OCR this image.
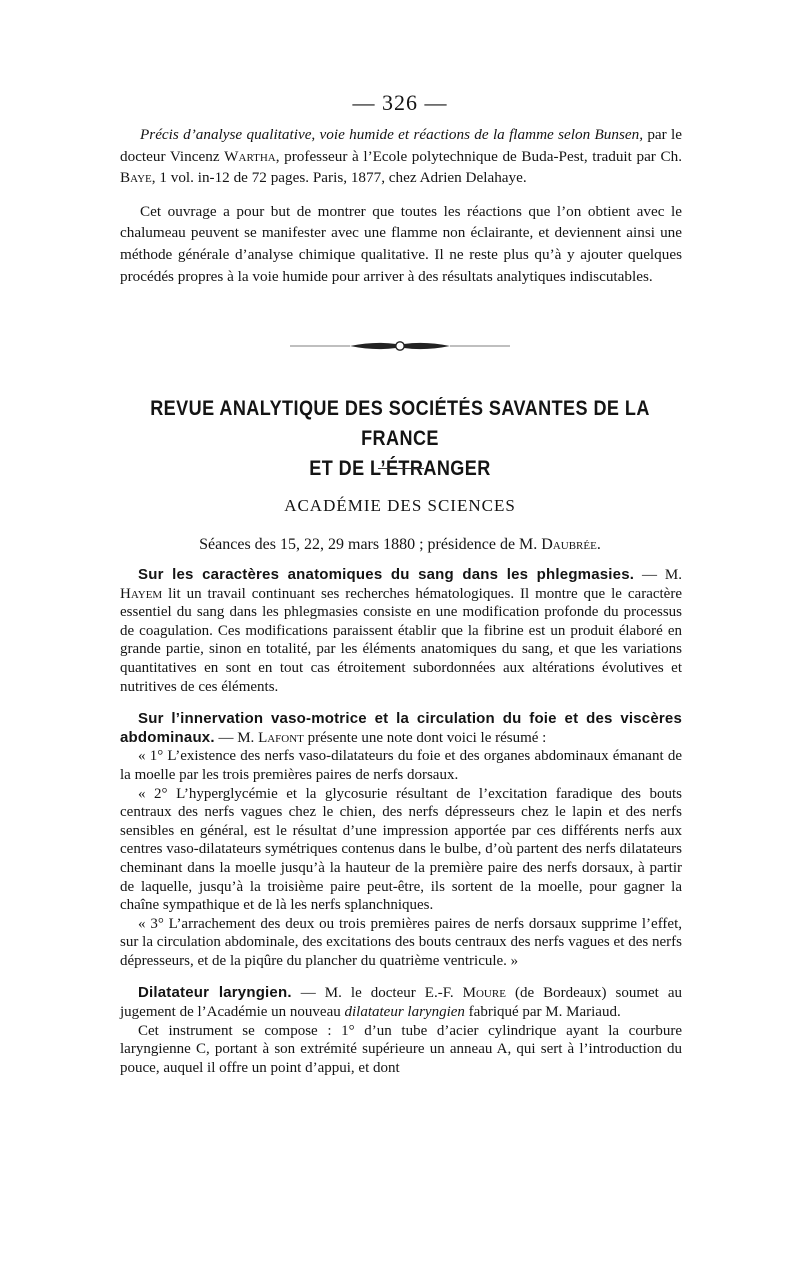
— 326 —

Précis d’analyse qualitative, voie humide et réactions de la flamme selon Bunsen, par le docteur Vincenz Wartha, professeur à l’Ecole polytechnique de Buda-Pest, traduit par Ch. Baye, 1 vol. in-12 de 72 pages. Paris, 1877, chez Adrien Delahaye.

Cet ouvrage a pour but de montrer que toutes les réactions que l’on obtient avec le chalumeau peuvent se manifester avec une flamme non éclairante, et deviennent ainsi une méthode générale d’analyse chimique qualitative. Il ne reste plus qu’à y ajouter quelques procédés propres à la voie humide pour arriver à des résultats analytiques indiscutables.

REVUE ANALYTIQUE DES SOCIÉTÉS SAVANTES DE LA FRANCE
ET DE L’ÉTRANGER
ACADÉMIE DES SCIENCES
Séances des 15, 22, 29 mars 1880 ; présidence de M. Daubrée.

Sur les caractères anatomiques du sang dans les phlegmasies. — M. Hayem lit un travail continuant ses recherches hématologiques. Il montre que le caractère essentiel du sang dans les phlegmasies consiste en une modification profonde du processus de coagulation. Ces modifications paraissent établir que la fibrine est un produit élaboré en grande partie, sinon en totalité, par les éléments anatomiques du sang, et que les variations quantitatives en sont en tout cas étroitement subordonnées aux altérations évolutives et nutritives de ces éléments.

Sur l’innervation vaso-motrice et la circulation du foie et des viscères abdominaux. — M. Lafont présente une note dont voici le résumé :

« 1° L’existence des nerfs vaso-dilatateurs du foie et des organes abdominaux émanant de la moelle par les trois premières paires de nerfs dorsaux.

« 2° L’hyperglycémie et la glycosurie résultant de l’excitation faradique des bouts centraux des nerfs vagues chez le chien, des nerfs dépresseurs chez le lapin et des nerfs sensibles en général, est le résultat d’une impression apportée par ces différents nerfs aux centres vaso-dilatateurs symétriques contenus dans le bulbe, d’où partent des nerfs dilatateurs cheminant dans la moelle jusqu’à la hauteur de la première paire des nerfs dorsaux, à partir de laquelle, jusqu’à la troisième paire peut-être, ils sortent de la moelle, pour gagner la chaîne sympathique et de là les nerfs splanchniques.

« 3° L’arrachement des deux ou trois premières paires de nerfs dorsaux supprime l’effet, sur la circulation abdominale, des excitations des bouts centraux des nerfs vagues et des nerfs dépresseurs, et de la piqûre du plancher du quatrième ventricule. »

Dilatateur laryngien. — M. le docteur E.-F. Moure (de Bordeaux) soumet au jugement de l’Académie un nouveau dilatateur laryngien fabriqué par M. Mariaud.

Cet instrument se compose : 1° d’un tube d’acier cylindrique ayant la courbure laryngienne C, portant à son extrémité supérieure un anneau A, qui sert à l’introduction du pouce, auquel il offre un point d’appui, et dont
